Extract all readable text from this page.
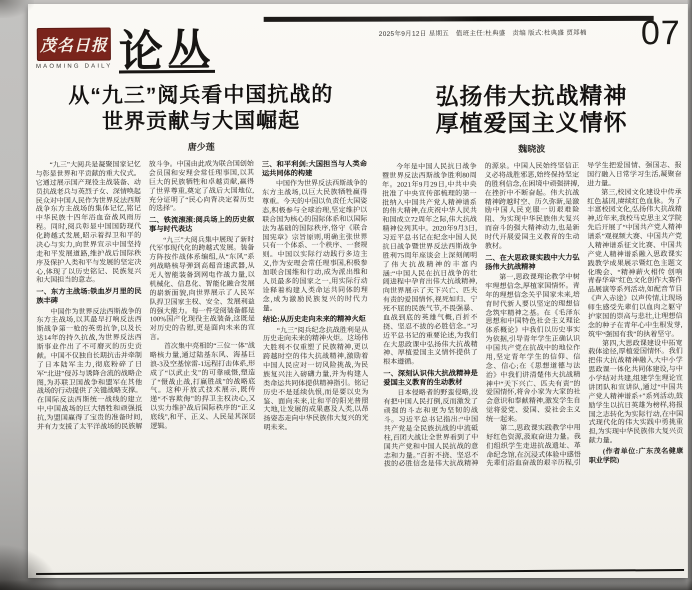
茂名日报
MAOMING DAILY 论丛	2025年9月12日 星期五　值班主任:杜典盛　责编 版式:杜典盛 贾郑楠	07
从“九三”阅兵看中国抗战的
世界贡献与大国崛起
唐少莲

“九三”大阅兵是凝聚国家记忆与彰显世界和平贡献的重大仪式。它通过展示国产现役主战装备、动员抗战老兵与英烈子女、深情唤起民众对中国人民作为世界反法西斯战争东方主战场的集体记忆,铭记中华民族十四年浴血奋战风雨历程。同时,阅兵彰显中国国防现代化跨越式发展,昭示着捍卫和平的决心与实力,向世界宣示中国坚持走和平发展道路,维护战后国际秩序及保护人类和平与发展的坚定决心,体现了以历史铭记、民族复兴和大国担当的意志。

一、东方主战场:铁血岁月里的民族丰碑

中国作为世界反法西斯战争的东方主战场,以其最早打响反法西斯战争第一枪的英勇抗争,以及长达14年的持久抗战,为世界反法西斯事业作出了不可磨灭的历史贡献。中国不仅独自长期抗击并牵制了日本陆军主力,彻底粉碎了日军“北进”侵苏与诱降合流的战略企图,为苏联卫国战争和盟军在其他战场的行动提供了关键战略支撑。在国际反法西斯统一战线的建立中,中国战场的巨大牺牲和顽强抵抗,为盟国赢得了宝贵的准备时间,并有力支援了太平洋战场的民族解放斗争。中国由此成为联合国创始会员国和安理会常任理事国,以其巨大的民族牺牲和卓越贡献,赢得了世界尊重,奠定了战后大国地位,充分证明了“民心向背决定着历史的选择”。

二、铁流滚滚:阅兵场上的历史叙事与时代表达

“九三”大阅兵集中展现了新时代军事现代化的跨越式发展。装备方阵按作战体系编组,从“东风”系列战略核导弹到高超音速武器,从无人智能装备到网电作战力量,以机械化、信息化、智能化融合发展的崭新面貌,向世界展示了人民军队捍卫国家主权、安全、发展利益的强大能力。每一件受阅装备都是100%国产化现役主战装备,这既是对历史的告慰,更是面向未来的宣言。

首次集中亮相的“三位一体”战略核力量,通过陆基东风、海基巨浪-3及空基惊雷-1远程打击体系,形成了“以武止戈”的可靠威慑,塑造了“慑战止战,打赢胜战”的战略底气。这种开放式技术展示,既传递“不容欺侮”的捍卫主权决心,又以实力维护战后国际秩序的“正义底线”,和平、正义、人民是其深层逻辑。

三、和平利剑:大国担当与人类命运共同体的构建

中国作为世界反法西斯战争的东方主战场,以巨大民族牺牲赢得尊重。今天的中国以负责任大国姿态,积极参与全球治理,坚定维护以联合国为核心的国际体系和以国际法为基础的国际秩序,恪守《联合国宪章》宗旨原则,明确主张世界只有一个体系、一个秩序、一套规则。中国以实际行动践行多边主义,作为安理会常任理事国,积极参加联合国维和行动,成为派出维和人员最多的国家之一,用实际行动诠释着构建人类命运共同体的理念,成为激励民族复兴的时代力量。

结论:从历史走向未来的精神火炬

“九三”阅兵纪念抗战胜利是从历史走向未来的精神火炬。这场伟大胜利不仅重塑了民族精神,更以跨越时空的伟大抗战精神,激励着中国人民应对一切风险挑战,为民族复兴注入磅礴力量,并为构建人类命运共同体提供精神指引。铭记历史不是延续仇恨,而是要以史为鉴、面向未来,让和平的阳光普照大地,让发展的成果惠及人类,以昂扬姿态走向中华民族伟大复兴的光明未来。

弘扬伟大抗战精神
厚植爱国主义情怀
魏晓波

今年是中国人民抗日战争暨世界反法西斯战争胜利80周年。2021年9月29日,中共中央批准了中央宣传部梳理的第一批纳入中国共产党人精神谱系的伟大精神,在庆祝中华人民共和国成立72周年之际,伟大抗战精神位列其中。2020年9月3日,习近平总书记在纪念中国人民抗日战争暨世界反法西斯战争胜利75周年座谈会上深刻阐明了伟大抗战精神的丰富内涵:“中国人民在抗日战争的壮阔进程中孕育出伟大抗战精神,向世界展示了天下兴亡、匹夫有责的爱国情怀,视死如归、宁死不屈的民族气节,不畏强暴、血战到底的英雄气概,百折不挠、坚忍不拔的必胜信念。”习近平总书记的重要论述,为我们在大思政课中弘扬伟大抗战精神、厚植爱国主义情怀提供了根本遵循。

一、深刻认识伟大抗战精神是爱国主义教育的生动教材

日本侵略者的野蛮侵略,没有把中国人民打倒,反而激发了顽强的斗志和更为坚韧的战斗。习近平总书记指出:“中国共产党是全民族抗战的中流砥柱,百团大战让全世界看到了中国共产党和中国人民抗战的意志和力量。”百折不挠、坚忍不拔的必胜信念是伟大抗战精神的源泉。中国人民始终坚信正义必将战胜邪恶,始终保持坚定的胜利信念,在困境中顽强拼搏,在挫折中不断奋起。伟大抗战精神跨越时空、历久弥新,是激励中国人民克服一切艰难险阻、为实现中华民族伟大复兴而奋斗的强大精神动力,也是新时代开展爱国主义教育的生动教材。

二、在大思政课实践中大力弘扬伟大抗战精神

第一,思政课理论教学中树牢理想信念,厚植家国情怀。青年的理想信念关乎国家未来,培育时代新人要以坚定的理想信念筑牢精神之基。在《毛泽东思想和中国特色社会主义理论体系概论》中我们以历史事实为依据,引导青年学生正确认识中国共产党在抗战中的地位作用,坚定青年学生的信仰、信念、信心;在《思想道德与法治》中我们讲清楚伟大抗战精神中“天下兴亡、匹夫有责”的爱国情怀,将舍小家为大家的社会意识和奉献精神,激发学生自觉将爱党、爱国、爱社会主义统一起来。

第二,思政课实践教学中用好红色资源,汲取奋进力量。我们组织学生走进抗战遗址、革命纪念馆,在沉浸式体验中感悟先辈们浴血奋战的艰辛历程,引导学生把爱国情、强国志、报国行融入日常学习生活,凝聚奋进力量。

第三,校园文化建设中传承红色基因,赓续红色血脉。为了丰富校园文化,弘扬伟大抗战精神,近年来,我校马克思主义学院先后开展了“中国共产党人精神谱系”观视频大赛、中国共产党人精神谱系征文比赛、中国共产党人精神谱系融入思政课实践教学成果展示暨红色主题文化晚会、“精神薪火相传 创响青春华章”红色文化创作大赛作品展演等系列活动,如配音节目《声入赤途》以声传情,让现场师生感受先辈们以血肉之躯守护家国的崇高与悲壮,让理想信念的种子在青年心中生根发芽,筑牢“强国有我”的执着坚守。

第四,大思政课建设中拓宽载体途径,厚植爱国情怀。我们把伟大抗战精神融入大中小学思政课一体化共同体建设,与中小学结对共建,组建学生理论宣讲团队和宣讲队,通过“中国共产党人精神谱系+”系列活动,鼓励学生以抗日英雄为榜样,将报国之志转化为实际行动,在中国式现代化的伟大实践中勇挑重担,为实现中华民族伟大复兴贡献力量。

(作者单位:广东茂名健康职业学院)
